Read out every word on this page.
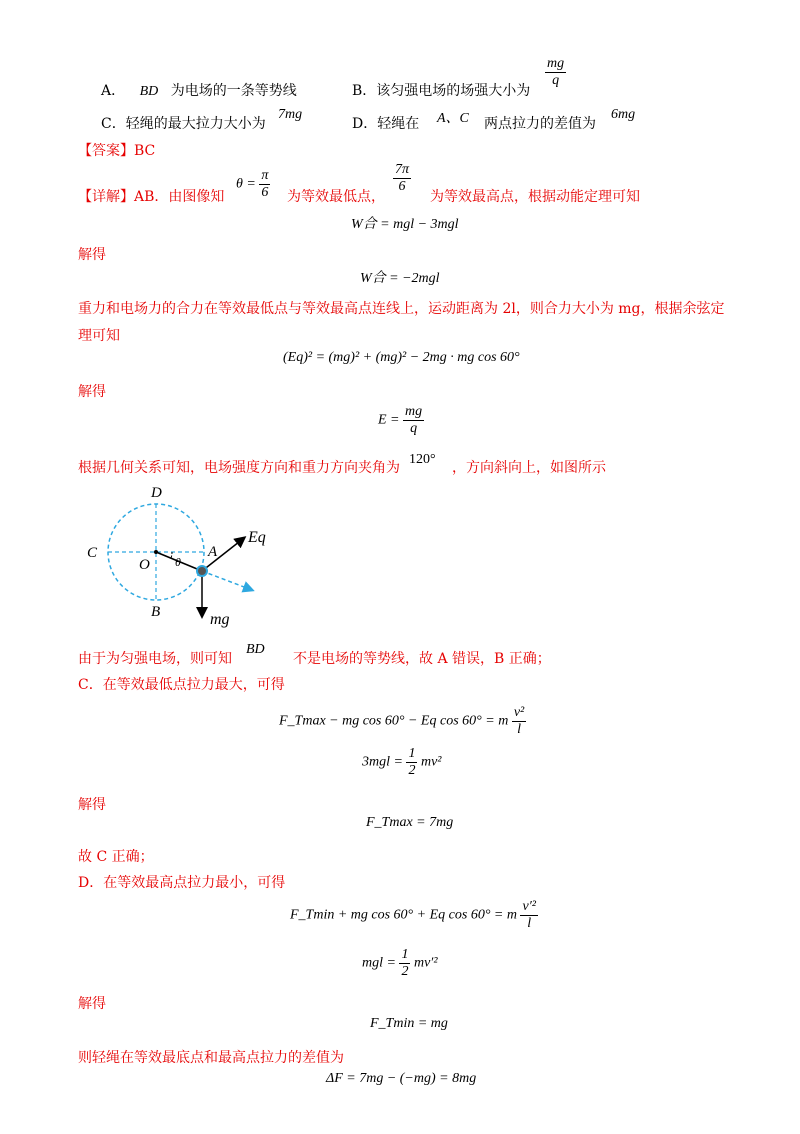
A． BD 为电场的一条等势线	B．该匀强电场的场强大小为
$\frac{mg}{q}$
C．轻绳的最大拉力大小为
7mg
D．轻绳在 A、C 两点拉力的差值为
6mg
【答案】BC
【详解】AB．由图像知
$\theta = \frac{\pi}{6}$ 为等效最低点，
$\frac{7\pi}{6}$
为等效最高点，根据动能定理可知
W合 = mgl − 3mgl
解得
W合 = −2mgl
重力和电场力的合力在等效最低点与等效最高点连线上，运动距离为 2l，则合力大小为 mg，根据余弦定
理可知
(Eq)² = (mg)² + (mg)² − 2mg · mg cos 60°
解得
$E = \frac{mg}{q}$
根据几何关系可知，电场强度方向和重力方向夹角为
120°
，方向斜向上，如图所示
D
C
O θ
A
Eq
B	mg
由于为匀强电场，则可知
BD
不是电场的等势线，故 A 错误，B 正确；
C．在等效最低点拉力最大，可得
F_Tmax − mg cos 60° − Eq cos 60° = m $\frac{\text{v²}}{l}$
$3mgl = \frac{1}{2} mv^2$
解得
F_Tmax = 7mg
故 C 正确；
D．在等效最高点拉力最小，可得
F_Tmin + mg cos 60° + Eq cos 60° = m $\frac{\text{v′²}}{l}$
mgl = $\frac{1}{2} mv'^2$
解得
F_Tmin = mg
则轻绳在等效最底点和最高点拉力的差值为
ΔF = 7mg − (−mg) = 8mg
